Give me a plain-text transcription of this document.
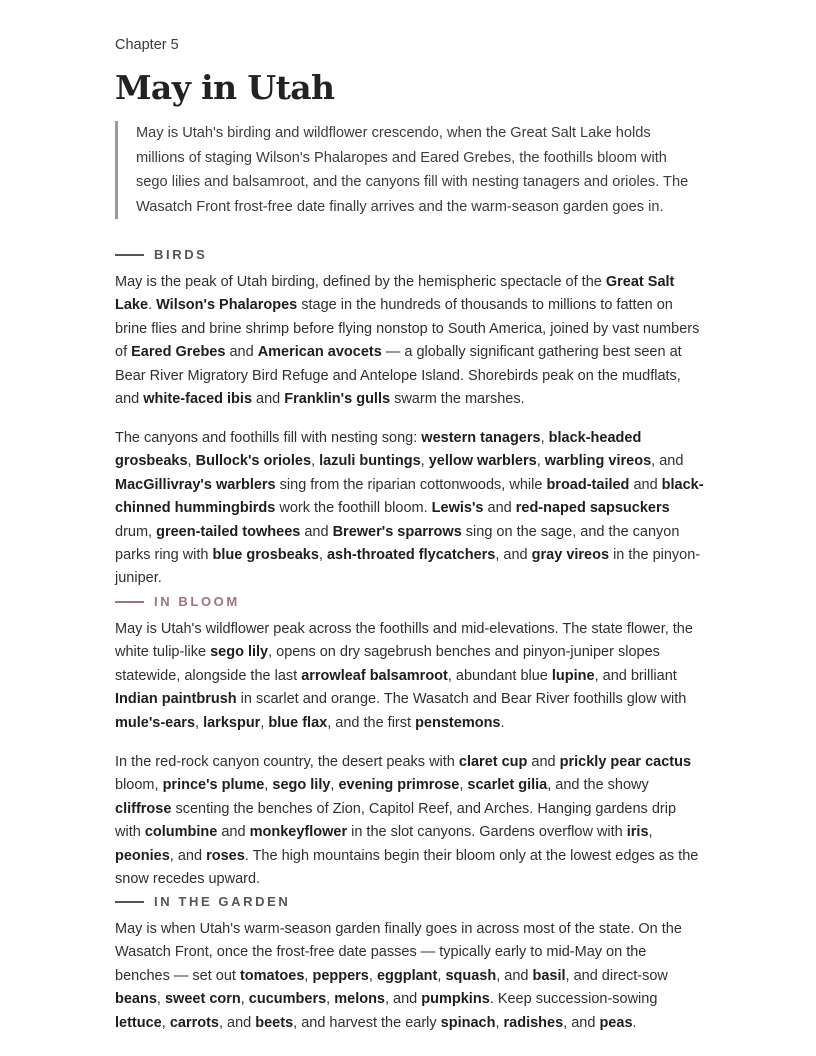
Chapter 5
May in Utah
May is Utah's birding and wildflower crescendo, when the Great Salt Lake holds millions of staging Wilson's Phalaropes and Eared Grebes, the foothills bloom with sego lilies and balsamroot, and the canyons fill with nesting tanagers and orioles. The Wasatch Front frost-free date finally arrives and the warm-season garden goes in.
BIRDS

May is the peak of Utah birding, defined by the hemispheric spectacle of the Great Salt Lake. Wilson's Phalaropes stage in the hundreds of thousands to millions to fatten on brine flies and brine shrimp before flying nonstop to South America, joined by vast numbers of Eared Grebes and American avocets — a globally significant gathering best seen at Bear River Migratory Bird Refuge and Antelope Island. Shorebirds peak on the mudflats, and white-faced ibis and Franklin's gulls swarm the marshes.

The canyons and foothills fill with nesting song: western tanagers, black-headed grosbeaks, Bullock's orioles, lazuli buntings, yellow warblers, warbling vireos, and MacGillivray's warblers sing from the riparian cottonwoods, while broad-tailed and black-chinned hummingbirds work the foothill bloom. Lewis's and red-naped sapsuckers drum, green-tailed towhees and Brewer's sparrows sing on the sage, and the canyon parks ring with blue grosbeaks, ash-throated flycatchers, and gray vireos in the pinyon-juniper.

IN BLOOM

May is Utah's wildflower peak across the foothills and mid-elevations. The state flower, the white tulip-like sego lily, opens on dry sagebrush benches and pinyon-juniper slopes statewide, alongside the last arrowleaf balsamroot, abundant blue lupine, and brilliant Indian paintbrush in scarlet and orange. The Wasatch and Bear River foothills glow with mule's-ears, larkspur, blue flax, and the first penstemons.

In the red-rock canyon country, the desert peaks with claret cup and prickly pear cactus bloom, prince's plume, sego lily, evening primrose, scarlet gilia, and the showy cliffrose scenting the benches of Zion, Capitol Reef, and Arches. Hanging gardens drip with columbine and monkeyflower in the slot canyons. Gardens overflow with iris, peonies, and roses. The high mountains begin their bloom only at the lowest edges as the snow recedes upward.

IN THE GARDEN

May is when Utah's warm-season garden finally goes in across most of the state. On the Wasatch Front, once the frost-free date passes — typically early to mid-May on the benches — set out tomatoes, peppers, eggplant, squash, and basil, and direct-sow beans, sweet corn, cucumbers, melons, and pumpkins. Keep succession-sowing lettuce, carrots, and beets, and harvest the early spinach, radishes, and peas.
